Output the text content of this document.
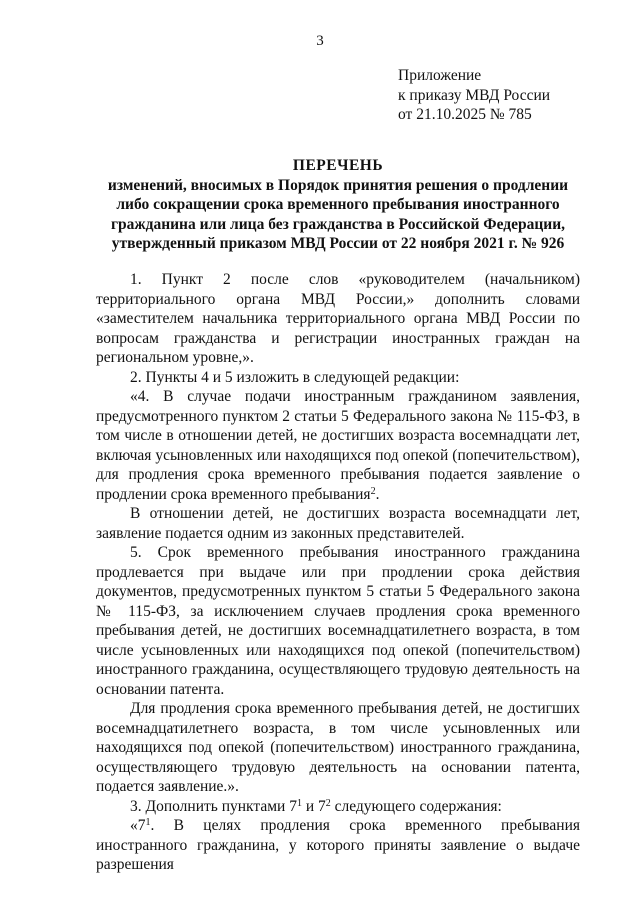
3
Приложение
к приказу МВД России
от 21.10.2025 № 785
ПЕРЕЧЕНЬ
изменений, вносимых в Порядок принятия решения о продлении
либо сокращении срока временного пребывания иностранного
гражданина или лица без гражданства в Российской Федерации,
утвержденный приказом МВД России от 22 ноября 2021 г. № 926

1. Пункт 2 после слов «руководителем (начальником) территориального органа МВД России,» дополнить словами «заместителем начальника территориального органа МВД России по вопросам гражданства и регистрации иностранных граждан на региональном уровне,».

2. Пункты 4 и 5 изложить в следующей редакции:

«4. В случае подачи иностранным гражданином заявления, предусмотренного пунктом 2 статьи 5 Федерального закона № 115-ФЗ, в том числе в отношении детей, не достигших возраста восемнадцати лет, включая усыновленных или находящихся под опекой (попечительством), для продления срока временного пребывания подается заявление о продлении срока временного пребывания$^2$.

В отношении детей, не достигших возраста восемнадцати лет, заявление подается одним из законных представителей.

5. Срок временного пребывания иностранного гражданина продлевается при выдаче или при продлении срока действия документов, предусмотренных пунктом 5 статьи 5 Федерального закона № 115-ФЗ, за исключением случаев продления срока временного пребывания детей, не достигших восемнадцатилетнего возраста, в том числе усыновленных или находящихся под опекой (попечительством) иностранного гражданина, осуществляющего трудовую деятельность на основании патента.

Для продления срока временного пребывания детей, не достигших восемнадцатилетнего возраста, в том числе усыновленных или находящихся под опекой (попечительством) иностранного гражданина, осуществляющего трудовую деятельность на основании патента, подается заявление.».

3. Дополнить пунктами $7^1$ и $7^2$ следующего содержания:

«$7^1$. В целях продления срока временного пребывания иностранного гражданина, у которого приняты заявление о выдаче разрешения
